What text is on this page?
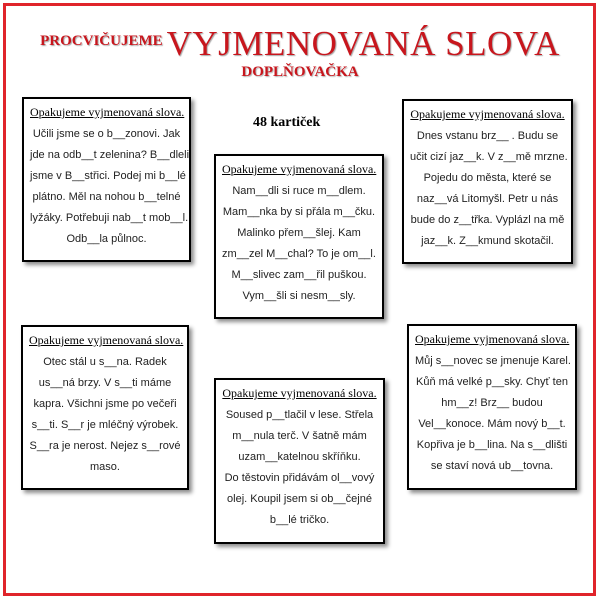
PROCVIČUJEME VYJMENOVANÁ SLOVA
DOPLŇOVAČKA
48 kartiček
Opakujeme vyjmenovaná slova.
Učili jsme se o b__zonovi. Jak
jde na odb__t zelenina? B__dleli
jsme v B__střici. Podej mi b__lé
plátno. Měl na nohou b__telné
lyžáky. Potřebuji nab__t mob__l.
Odb__la půlnoc.
Opakujeme vyjmenovaná slova.
Nam__dli si ruce m__dlem.
Mam__nka by si přála m__čku.
Malinko přem__šlej. Kam
zm__zel M__chal? To je om__l.
M__slivec zam__řil puškou.
Vym__šli si nesm__sly.
Opakujeme vyjmenovaná slova.
Dnes vstanu brz__ . Budu se
učit cizí jaz__k. V z__mě mrzne.
Pojedu do města, které se
naz__vá Litomyšl. Petr u nás
bude do z__třka. Vyplázl na mě
jaz__k. Z__kmund skotačil.
Opakujeme vyjmenovaná slova.
Otec stál u s__na. Radek
us__ná brzy. V s__ti máme
kapra. Všichni jsme po večeři
s__ti. S__r je mléčný výrobek.
S__ra je nerost. Nejez s__rové
maso.
Opakujeme vyjmenovaná slova.
Soused p__tlačil v lese. Střela
m__nula terč. V šatně mám
uzam__katelnou skříňku.
Do těstovin přidávám ol__vový
olej. Koupil jsem si ob__čejné
b__lé tričko.
Opakujeme vyjmenovaná slova.
Můj s__novec se jmenuje Karel.
Kůň má velké p__sky. Chyť ten
hm__z! Brz__ budou
Vel__konoce. Mám nový b__t.
Kopřiva je b__lina. Na s__dlišti
se staví nová ub__tovna.
